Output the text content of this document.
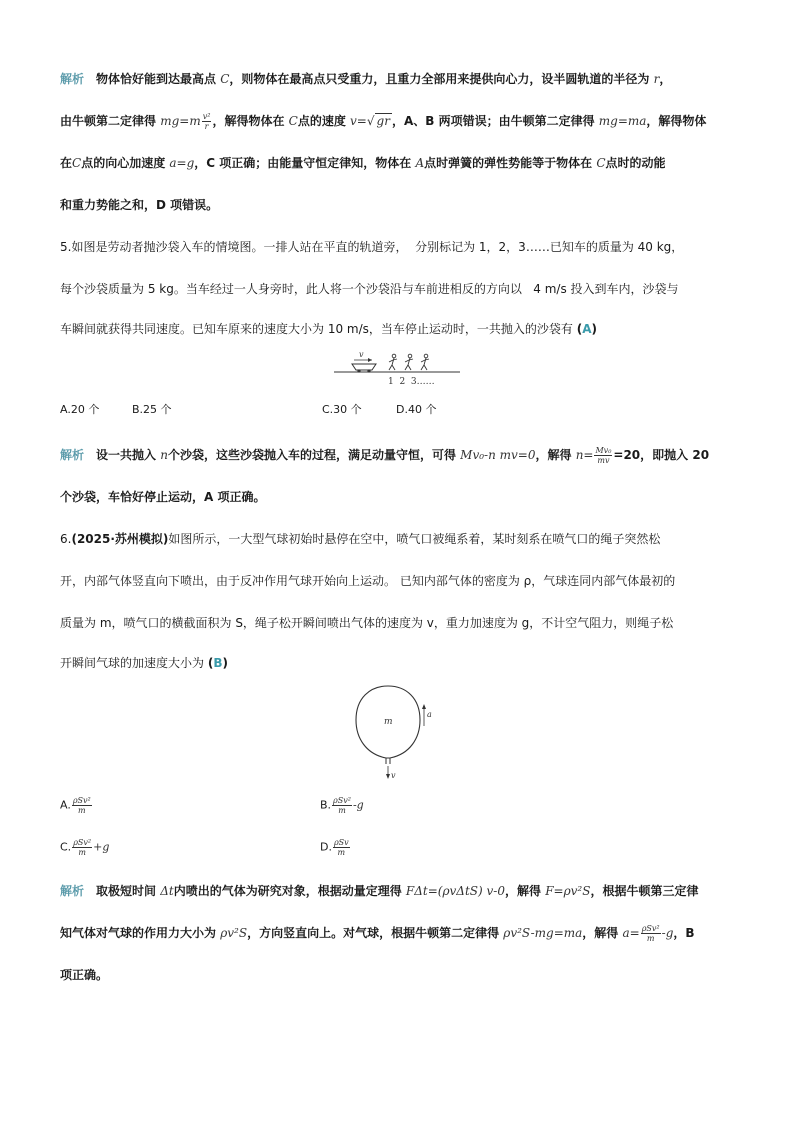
解析 物体恰好能到达最高点 C，则物体在最高点只受重力，且重力全部用来提供向心力，设半圆轨道的半径为 r，
由牛顿第二定律得 $mg=m \frac{\text{v²}}{r}$ ，解得物体在 C点的速度 v=√ gr ，A、B 两项错误；由牛顿第二定律得 mg=ma，解得物体
在C点的向心加速度 a=g，C 项正确；由能量守恒定律知，物体在 A点时弹簧的弹性势能等于物体在 C点时的动能
和重力势能之和，D 项错误。
5.如图是劳动者抛沙袋入车的情境图。一排人站在平直的轨道旁， 分别标记为 1，2，3……已知车的质量为 40 kg，
每个沙袋质量为 5 kg。当车经过一人身旁时，此人将一个沙袋沿与车前进相反的方向以 4 m/s 投入到车内，沙袋与
车瞬间就获得共同速度。已知车原来的速度大小为 10 m/s，当车停止运动时，一共抛入的沙袋有 (A)
v
1  2  3……
A.20 个	B.25 个	C.30 个	D.40 个
解析 设一共抛入 n个沙袋，这些沙袋抛入车的过程，满足动量守恒，可得 Mv₀-n mv=0，解得 $n= \frac{\text{Mv₀}}{mv} =20$，即抛入 20
个沙袋，车恰好停止运动，A 项正确。
6.(2025·苏州模拟)如图所示，一大型气球初始时悬停在空中，喷气口被绳系着，某时刻系在喷气口的绳子突然松
开，内部气体竖直向下喷出，由于反冲作用气球开始向上运动。 已知内部气体的密度为 ρ，气球连同内部气体最初的
质量为 m，喷气口的横截面积为 S，绳子松开瞬间喷出气体的速度为 v，重力加速度为 g，不计空气阻力，则绳子松
开瞬间气球的加速度大小为 (B)
v
m
a
A. $\frac{\text{ρSv²}}{m}$	B. $\frac{\text{ρSv²}}{m} -g$
C. $\frac{\text{ρSv²}}{m} +g$	D. $\frac{\text{ρSv}}{m}$
解析 取极短时间 Δt内喷出的气体为研究对象，根据动量定理得 FΔt=(ρvΔtS) v-0，解得 F=ρv²S，根据牛顿第三定律
知气体对气球的作用力大小为 ρv²S，方向竖直向上。对气球，根据牛顿第二定律得 ρv²S-mg=ma，解得 $a= \frac{\text{ρSv²}}{m} -g$，B
项正确。
